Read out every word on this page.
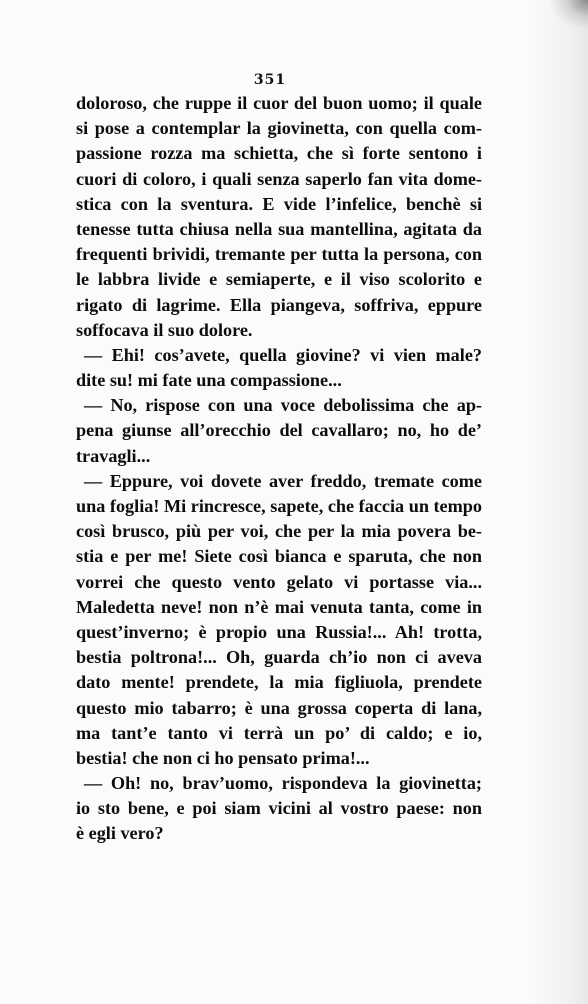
351
doloroso, che ruppe il cuor del buon uomo; il quale
si pose a contemplar la giovinetta, con quella com-
passione rozza ma schietta, che sì forte sentono i
cuori di coloro, i quali senza saperlo fan vita dome-
stica con la sventura. E vide l’infelice, benchè si
tenesse tutta chiusa nella sua mantellina, agitata da
frequenti brividi, tremante per tutta la persona, con
le labbra livide e semiaperte, e il viso scolorito e
rigato di lagrime. Ella piangeva, soffriva, eppure
soffocava il suo dolore.
— Ehi! cos’avete, quella giovine? vi vien male?
dite su! mi fate una compassione...
— No, rispose con una voce debolissima che ap-
pena giunse all’orecchio del cavallaro; no, ho de’
travagli...
— Eppure, voi dovete aver freddo, tremate come
una foglia! Mi rincresce, sapete, che faccia un tempo
così brusco, più per voi, che per la mia povera be-
stia e per me! Siete così bianca e sparuta, che non
vorrei che questo vento gelato vi portasse via...
Maledetta neve! non n’è mai venuta tanta, come in
quest’inverno; è propio una Russia!... Ah! trotta,
bestia poltrona!... Oh, guarda ch’io non ci aveva
dato mente! prendete, la mia figliuola, prendete
questo mio tabarro; è una grossa coperta di lana,
ma tant’e tanto vi terrà un po’ di caldo; e io,
bestia! che non ci ho pensato prima!...
— Oh! no, brav’uomo, rispondeva la giovinetta;
io sto bene, e poi siam vicini al vostro paese: non
è egli vero?
